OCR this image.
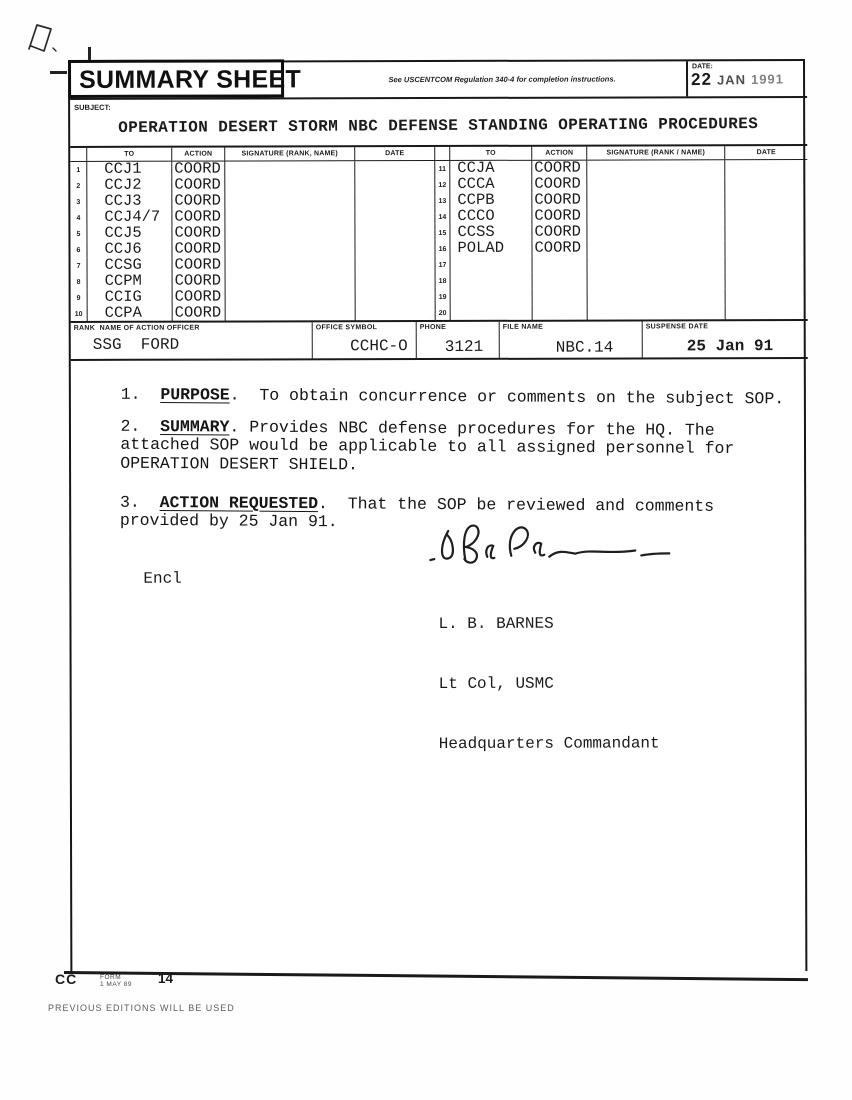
SUMMARY SHEET	See USCENTCOM Regulation 340-4 for completion instructions.
DATE:
22 JAN 1991
SUBJECT:
OPERATION DESERT STORM NBC DEFENSE STANDING OPERATING PROCEDURES
TO	ACTION	SIGNATURE (RANK, NAME)	DATE
1	CCJ1	COORD
2	CCJ2	COORD
3	CCJ3	COORD
4	CCJ4/7 COORD
5	CCJ5	COORD
6	CCJ6	COORD
7	CCSG	COORD
8	CCPM	COORD
9	CCIG	COORD
10	CCPA	COORD
TO	ACTION	SIGNATURE (RANK / NAME)	DATE
11 CCJA	COORD
12 CCCA	COORD
13 CCPB	COORD
14 CCCO	COORD
15 CCSS	COORD
16 POLAD	COORD
17
18
19
20
RANK  NAME OF ACTION OFFICER
SSG  FORD
OFFICE SYMBOL
CCHC-O
PHONE
3121
FILE NAME
NBC.14
SUSPENSE DATE
25 Jan 91

1.  PURPOSE.  To obtain concurrence or comments on the subject SOP.

2.  SUMMARY. Provides NBC defense procedures for the HQ. The
attached SOP would be applicable to all assigned personnel for
OPERATION DESERT SHIELD.

3.  ACTION REQUESTED.  That the SOP be reviewed and comments
provided by 25 Jan 91.

Encl

L. B. BARNES

Lt Col, USMC

Headquarters Commandant

CC	FORM
1 MAY 89 14
PREVIOUS EDITIONS WILL BE USED
